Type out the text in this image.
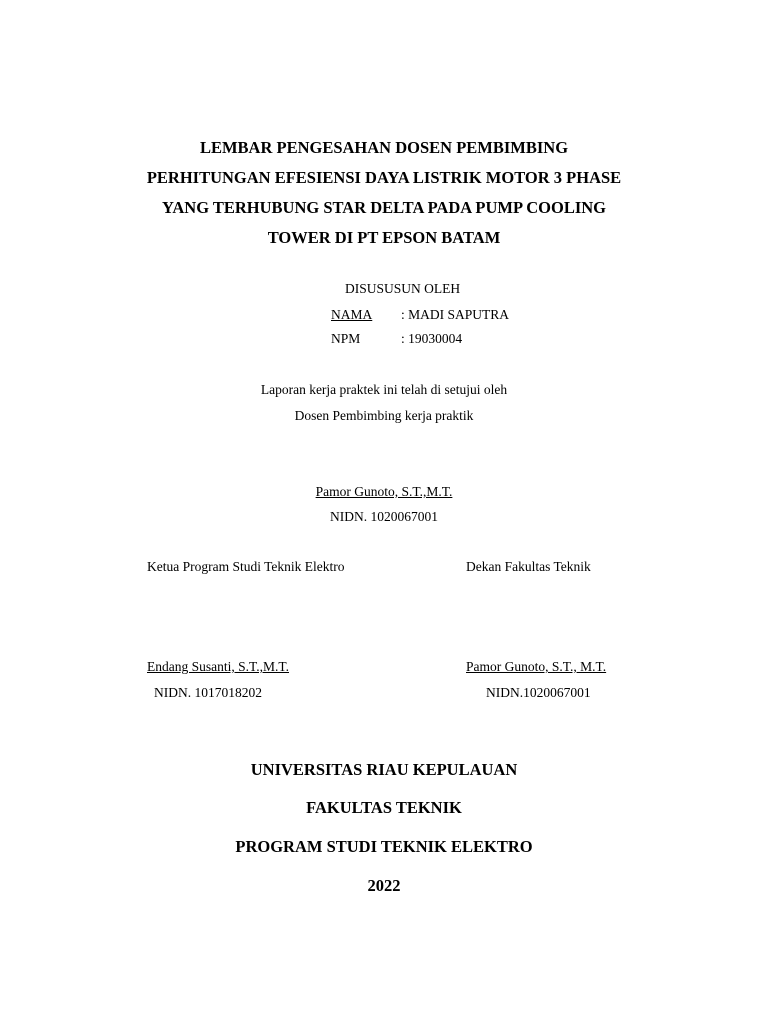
LEMBAR PENGESAHAN DOSEN PEMBIMBING
PERHITUNGAN EFESIENSI DAYA LISTRIK MOTOR 3 PHASE
YANG TERHUBUNG STAR DELTA PADA PUMP COOLING
TOWER DI PT EPSON BATAM
DISUSUSUN OLEH
NAMA : MADI SAPUTRA
NPM	: 19030004
Laporan kerja praktek ini telah di setujui oleh
Dosen Pembimbing kerja praktik
Pamor Gunoto, S.T.,M.T.
NIDN. 1020067001
Ketua Program Studi Teknik Elektro	Dekan Fakultas Teknik
Endang Susanti, S.T.,M.T.	Pamor Gunoto, S.T., M.T.
NIDN. 1017018202	NIDN.1020067001
UNIVERSITAS RIAU KEPULAUAN
FAKULTAS TEKNIK
PROGRAM STUDI TEKNIK ELEKTRO
2022
